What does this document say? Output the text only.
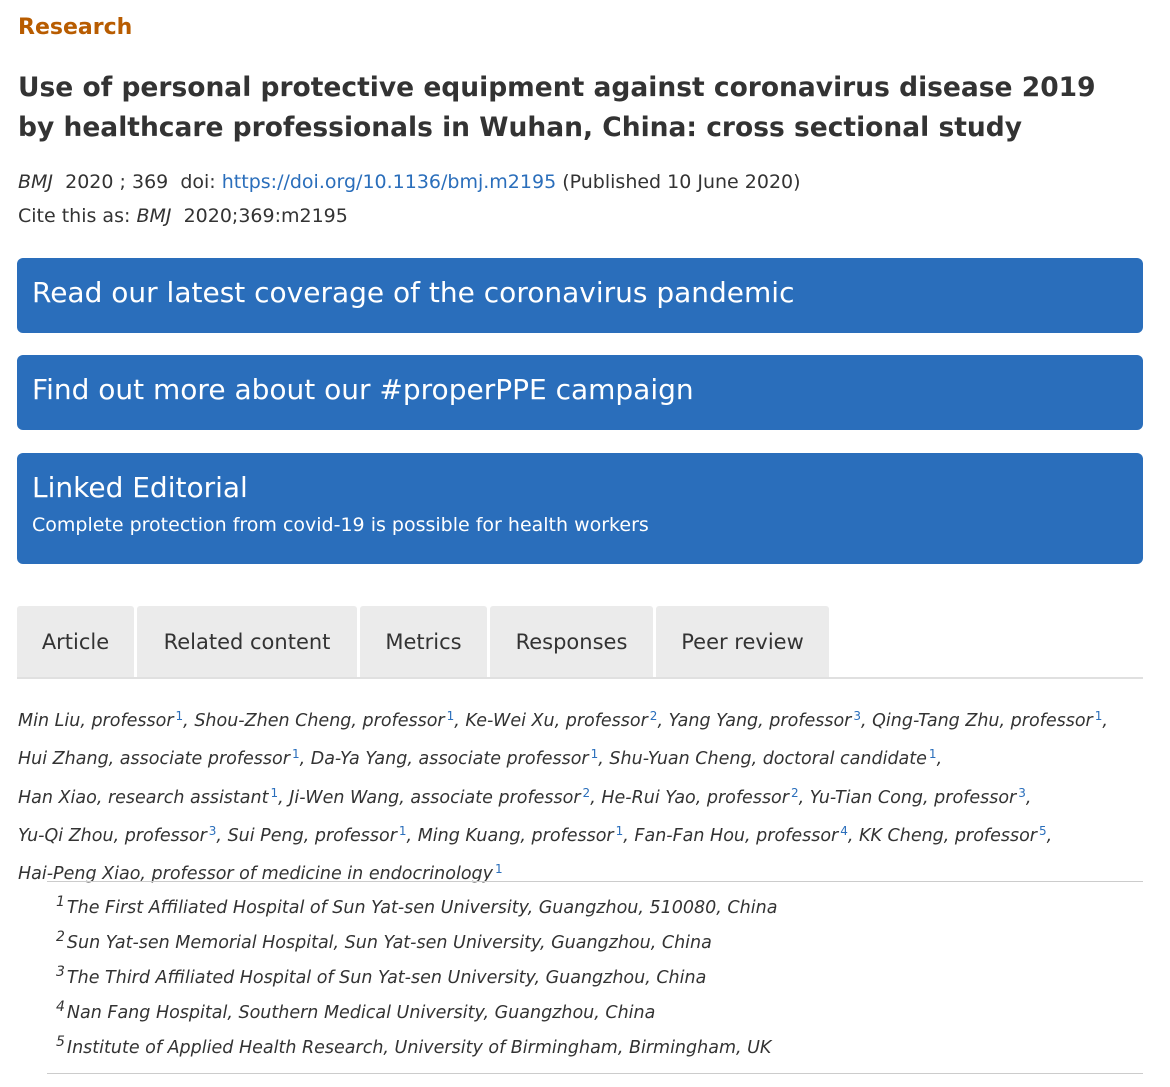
Research
Use of personal protective equipment against coronavirus disease 2019 by healthcare professionals in Wuhan, China: cross sectional study
BMJ 2020 ; 369 doi: https://doi.org/10.1136/bmj.m2195 (Published 10 June 2020)
Cite this as: BMJ 2020;369:m2195
Read our latest coverage of the coronavirus pandemic
Find out more about our #properPPE campaign
Linked Editorial
Complete protection from covid-19 is possible for health workers
Article	Related content	Metrics	Responses	Peer review
Min Liu, professor $^1$, Shou-Zhen Cheng, professor $^1$, Ke-Wei Xu, professor $^2$, Yang Yang, professor $^3$, Qing-Tang Zhu, professor $^1$,
Hui Zhang, associate professor $^1$, Da-Ya Yang, associate professor $^1$, Shu-Yuan Cheng, doctoral candidate $^1$,
Han Xiao, research assistant $^1$, Ji-Wen Wang, associate professor $^2$, He-Rui Yao, professor $^2$, Yu-Tian Cong, professor $^3$,
Yu-Qi Zhou, professor $^3$, Sui Peng, professor $^1$, Ming Kuang, professor $^1$, Fan-Fan Hou, professor $^4$, KK Cheng, professor $^5$,
Hai-Peng Xiao, professor of medicine in endocrinology $^1$
$^1$ The First Affiliated Hospital of Sun Yat-sen University, Guangzhou, 510080, China
$^2$ Sun Yat-sen Memorial Hospital, Sun Yat-sen University, Guangzhou, China
$^3$ The Third Affiliated Hospital of Sun Yat-sen University, Guangzhou, China
$^4$ Nan Fang Hospital, Southern Medical University, Guangzhou, China
$^5$ Institute of Applied Health Research, University of Birmingham, Birmingham, UK
